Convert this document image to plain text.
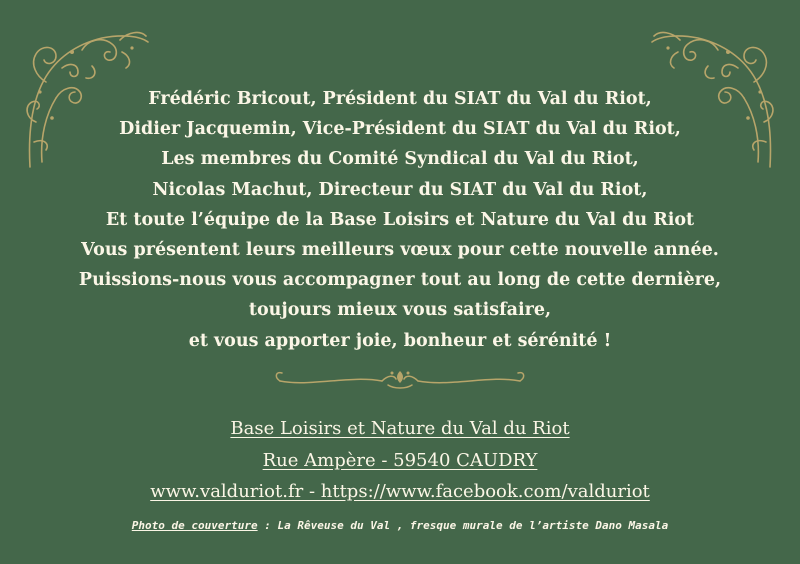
Frédéric Bricout, Président du SIAT du Val du Riot,
Didier Jacquemin, Vice-Président du SIAT du Val du Riot,
Les membres du Comité Syndical du Val du Riot,
Nicolas Machut, Directeur du SIAT du Val du Riot,
Et toute l’équipe de la Base Loisirs et Nature du Val du Riot
Vous présentent leurs meilleurs vœux pour cette nouvelle année.
Puissions-nous vous accompagner tout au long de cette dernière,
toujours mieux vous satisfaire,
et vous apporter joie, bonheur et sérénité !
Base Loisirs et Nature du Val du Riot
Rue Ampère - 59540 CAUDRY
www.valduriot.fr - https://www.facebook.com/valduriot
Photo de couverture : La Rêveuse du Val , fresque murale de l’artiste Dano Masala
